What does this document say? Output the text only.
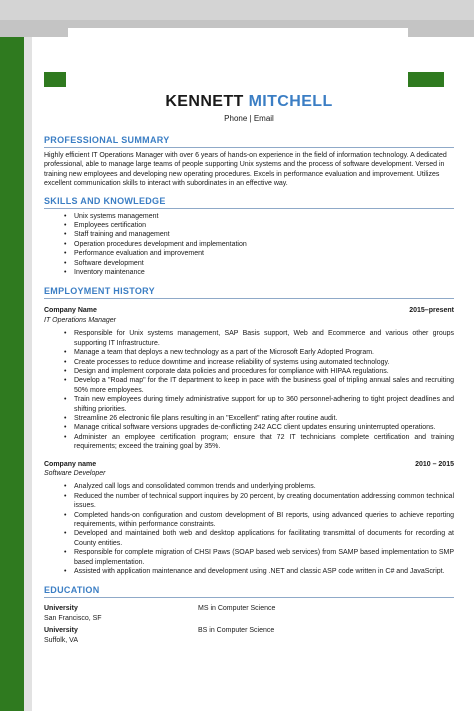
KENNETT MITCHELL
Phone | Email
PROFESSIONAL SUMMARY
Highly efficient IT Operations Manager with over 6 years of hands-on experience in the field of information technology. A dedicated professional, able to manage large teams of people supporting Unix systems and the process of software development. Versed in training new employees and developing new operating procedures. Excels in performance evaluation and improvement. Utilizes excellent communication skills to interact with subordinates in an effective way.
SKILLS AND KNOWLEDGE
• Unix systems management
• Employees certification
• Staff training and management
• Operation procedures development and implementation
• Performance evaluation and improvement
• Software development
• Inventory maintenance
EMPLOYMENT HISTORY
Company Name	2015–present
IT Operations Manager
• Responsible for Unix systems management, SAP Basis support, Web and Ecommerce and various other groups supporting IT Infrastructure.
• Manage a team that deploys a new technology as a part of the Microsoft Early Adopted Program.
• Create processes to reduce downtime and increase reliability of systems using automated technology.
• Design and implement corporate data policies and procedures for compliance with HIPAA regulations.
• Develop a "Road map" for the IT department to keep in pace with the business goal of tripling annual sales and recruiting 50% more employees.
• Train new employees during timely administrative support for up to 360 personnel-adhering to tight project deadlines and shifting priorities.
• Streamline 26 electronic file plans resulting in an "Excellent" rating after routine audit.
• Manage critical software versions upgrades de-conflicting 242 ACC client updates ensuring uninterrupted operations.
• Administer an employee certification program; ensure that 72 IT technicians complete certification and training requirements; exceed the training goal by 35%.
Company name	2010 – 2015
Software Developer
• Analyzed call logs and consolidated common trends and underlying problems.
• Reduced the number of technical support inquires by 20 percent, by creating documentation addressing common technical issues.
• Completed hands-on configuration and custom development of BI reports, using advanced queries to achieve reporting requirements, within performance constraints.
• Developed and maintained both web and desktop applications for facilitating transmittal of documents for recording at County entities.
• Responsible for complete migration of CHSI Paws (SOAP based web services) from SAMP based implementation to SMP based implementation.
• Assisted with application maintenance and development using .NET and classic ASP code written in C# and JavaScript.
EDUCATION
University
San Francisco, SF
MS in Computer Science
University
Suffolk, VA
BS in Computer Science
